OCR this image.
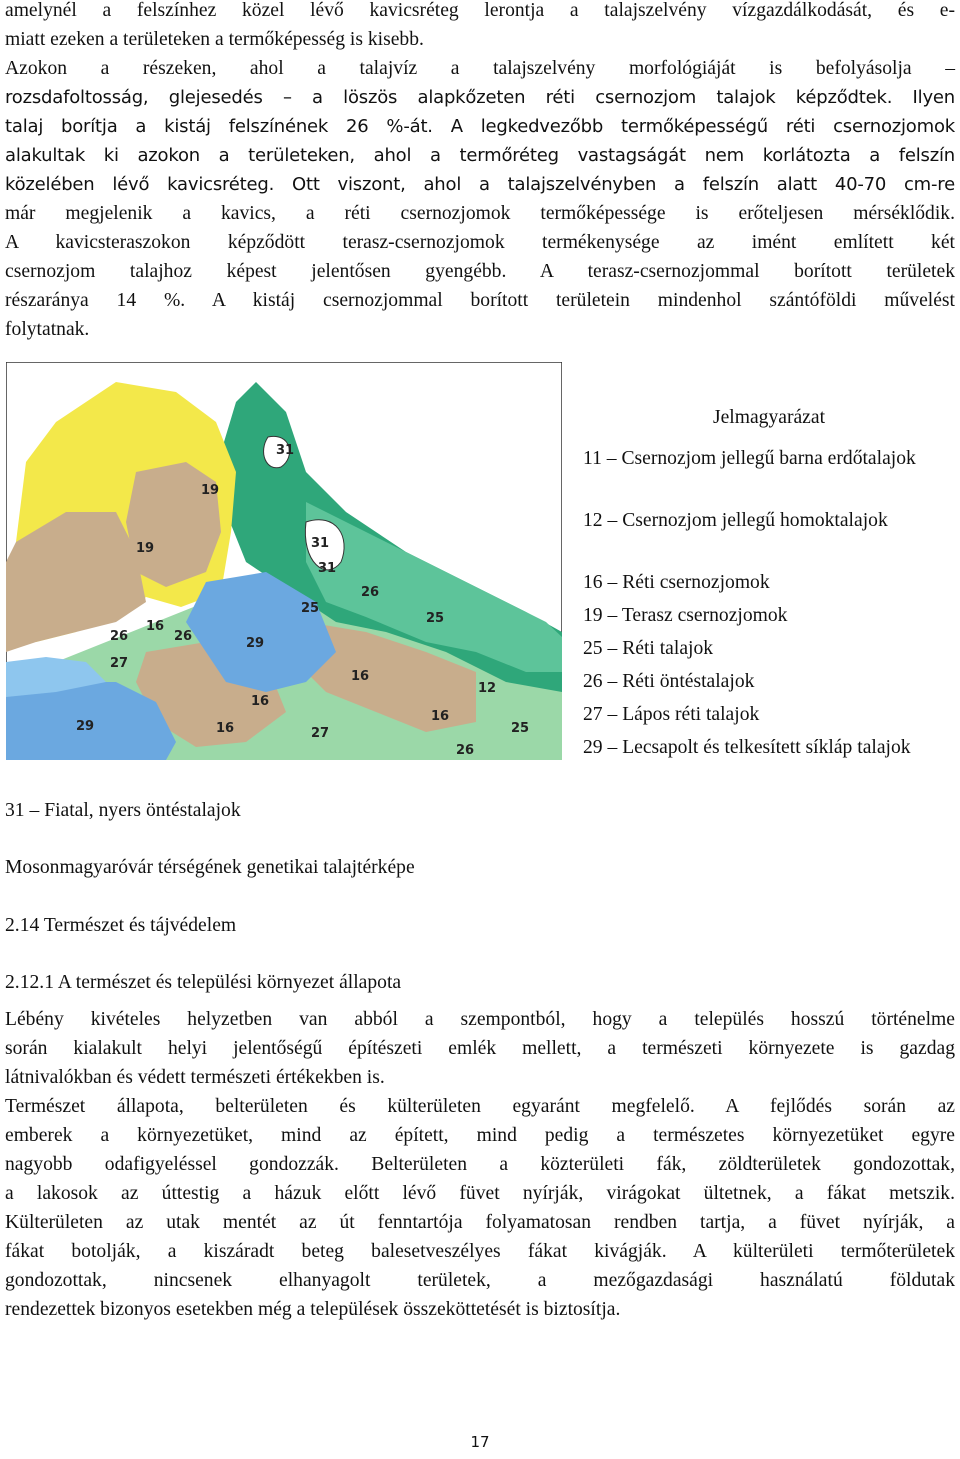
amelynél a felszínhez közel lévő kavicsréteg lerontja a talajszelvény vízgazdálkodását, és e-
miatt ezeken a területeken a termőképesség is kisebb.
Azokon a részeken, ahol a talajvíz a talajszelvény morfológiáját is befolyásolja –
rozsdafoltosság, glejesedés – a löszös alapkőzeten réti csernozjom talajok képződtek. Ilyen
talaj borítja a kistáj felszínének 26 %-át. A legkedvezőbb termőképességű réti csernozjomok
alakultak ki azokon a területeken, ahol a termőréteg vastagságát nem korlátozta a felszín
közelében lévő kavicsréteg. Ott viszont, ahol a talajszelvényben a felszín alatt 40-70 cm-re
már megjelenik a kavics, a réti csernozjomok termőképessége is erőteljesen mérséklődik.
A kavicsteraszokon képződött terasz-csernozjomok termékenysége az imént említett két
csernozjom talajhoz képest jelentősen gyengébb. A terasz-csernozjommal borított területek
részaránya 14 %. A kistáj csernozjommal borított területein mindenhol szántóföldi művelést
folytatnak.
31
19
19	31
31
26
25
25
16
26	29
26
27
16
16
12
16
29	16	27	25
26
Jelmagyarázat
11 – Csernozjom jellegű barna erdőtalajok
12 – Csernozjom jellegű homoktalajok
16 – Réti csernozjomok
19 – Terasz csernozjomok
25 – Réti talajok
26 – Réti öntéstalajok
27 – Lápos réti talajok
29 – Lecsapolt és telkesített síkláp talajok
31 – Fiatal, nyers öntéstalajok
Mosonmagyaróvár térségének genetikai talajtérképe
2.14 Természet és tájvédelem
2.12.1 A természet és települési környezet állapota
Lébény kivételes helyzetben van abból a szempontból, hogy a település hosszú történelme
során kialakult helyi jelentőségű építészeti emlék mellett, a természeti környezete is gazdag
látnivalókban és védett természeti értékekben is.
Természet állapota, belterületen és külterületen egyaránt megfelelő. A fejlődés során az
emberek a környezetüket, mind az épített, mind pedig a természetes környezetüket egyre
nagyobb odafigyeléssel gondozzák. Belterületen a közterületi fák, zöldterületek gondozottak,
a lakosok az úttestig a házuk előtt lévő füvet nyírják, virágokat ültetnek, a fákat metszik.
Külterületen az utak mentét az út fenntartója folyamatosan rendben tartja, a füvet nyírják, a
fákat botolják, a kiszáradt beteg balesetveszélyes fákat kivágják. A külterületi termőterületek
gondozottak, nincsenek elhanyagolt területek, a mezőgazdasági használatú földutak
rendezettek bizonyos esetekben még a települések összeköttetését is biztosítja.
17
